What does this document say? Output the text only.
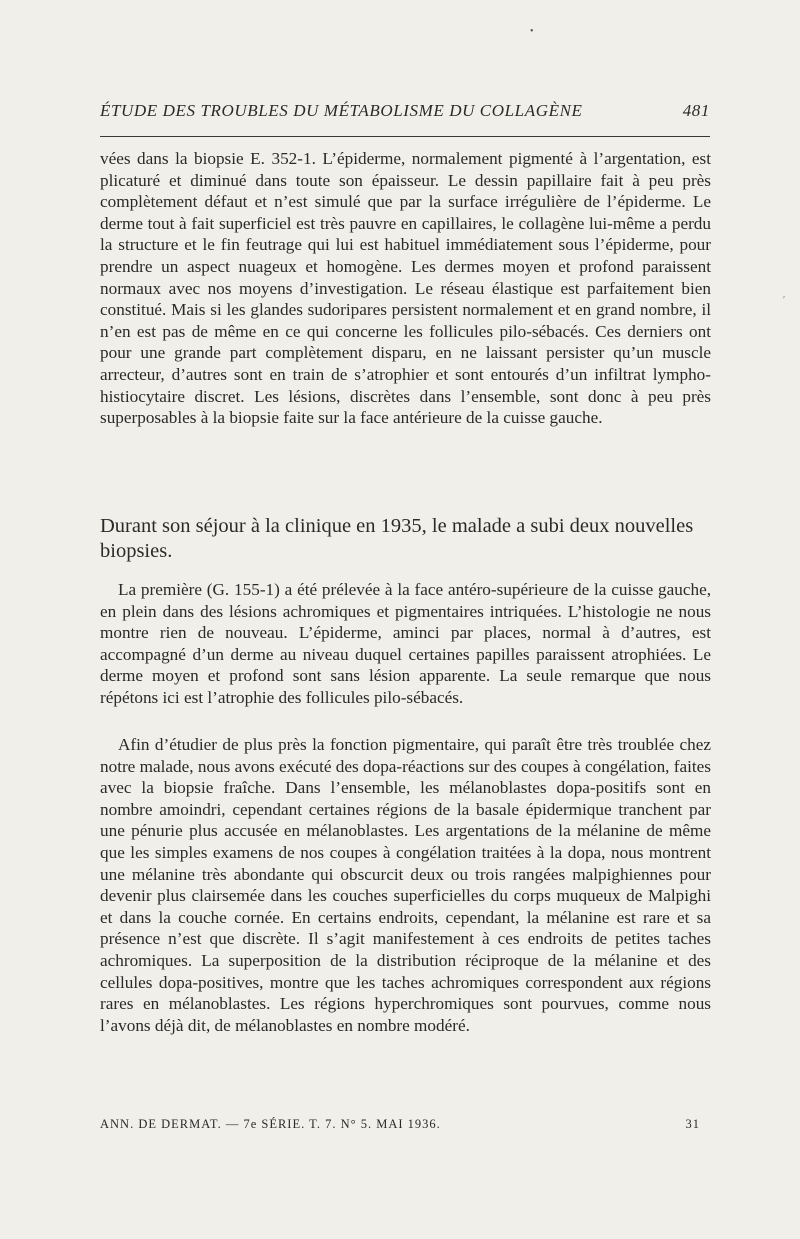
•
ʹ
ÉTUDE DES TROUBLES DU MÉTABOLISME DU COLLAGÈNE	481

vées dans la biopsie E. 352-1. L’épiderme, normalement pigmenté à l’argentation, est plicaturé et diminué dans toute son épaisseur. Le dessin papillaire fait à peu près complètement défaut et n’est simulé que par la surface irrégulière de l’épiderme. Le derme tout à fait superficiel est très pauvre en capillaires, le collagène lui-même a perdu la structure et le fin feutrage qui lui est habituel immédiatement sous l’épiderme, pour prendre un aspect nuageux et homogène. Les dermes moyen et profond paraissent normaux avec nos moyens d’investigation. Le réseau élastique est parfaitement bien constitué. Mais si les glandes sudoripares persistent normalement et en grand nombre, il n’en est pas de même en ce qui concerne les follicules pilo-sébacés. Ces derniers ont pour une grande part complètement disparu, en ne laissant persister qu’un muscle arrecteur, d’autres sont en train de s’atrophier et sont entourés d’un infiltrat lympho-histiocytaire discret. Les lésions, discrètes dans l’ensemble, sont donc à peu près superposables à la biopsie faite sur la face antérieure de la cuisse gauche.

Durant son séjour à la clinique en 1935, le malade a subi deux nouvelles biopsies.

La première (G. 155-1) a été prélevée à la face antéro-supérieure de la cuisse gauche, en plein dans des lésions achromiques et pigmentaires intriquées. L’histologie ne nous montre rien de nouveau. L’épiderme, aminci par places, normal à d’autres, est accompagné d’un derme au niveau duquel certaines papilles paraissent atrophiées. Le derme moyen et profond sont sans lésion apparente. La seule remarque que nous répétons ici est l’atrophie des follicules pilo-sébacés.

Afin d’étudier de plus près la fonction pigmentaire, qui paraît être très troublée chez notre malade, nous avons exécuté des dopa-réactions sur des coupes à congélation, faites avec la biopsie fraîche. Dans l’ensemble, les mélanoblastes dopa-positifs sont en nombre amoindri, cependant certaines régions de la basale épidermique tranchent par une pénurie plus accusée en mélanoblastes. Les argentations de la mélanine de même que les simples examens de nos coupes à congélation traitées à la dopa, nous montrent une mélanine très abondante qui obscurcit deux ou trois rangées malpighiennes pour devenir plus clairsemée dans les couches superficielles du corps muqueux de Malpighi et dans la couche cornée. En certains endroits, cependant, la mélanine est rare et sa présence n’est que discrète. Il s’agit manifestement à ces endroits de petites taches achromiques. La superposition de la distribution réciproque de la mélanine et des cellules dopa-positives, montre que les taches achromiques correspondent aux régions rares en mélanoblastes. Les régions hyperchromiques sont pourvues, comme nous l’avons déjà dit, de mélanoblastes en nombre modéré.

ANN. DE DERMAT. — 7e SÉRIE. T. 7. N° 5. MAI 1936.	31
